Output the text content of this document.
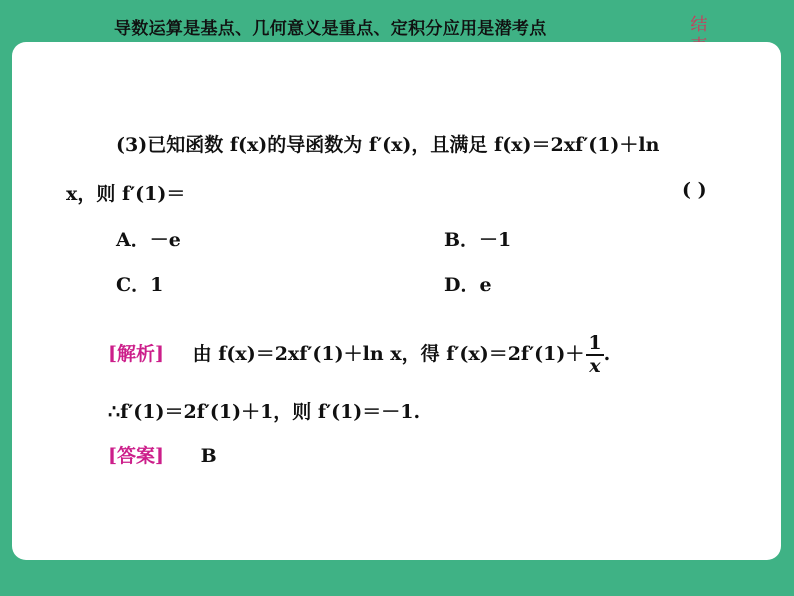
导数运算是基点、几何意义是重点、定积分应用是潜考点	结

(3)已知函数 f(x)的导函数为 f′(x)，且满足 f(x)＝2xf′(1)＋ln
x，则 f′(1)＝	( )
A．－e	B．－1
C．1	D．e
[解析] 由 f(x)＝2xf′(1)＋ln x，得 $f'(x)=2f'(1)+ \frac{1}{x}$ .
∴f′(1)＝2f′(1)＋1，则 f′(1)＝－1.
[答案] B
